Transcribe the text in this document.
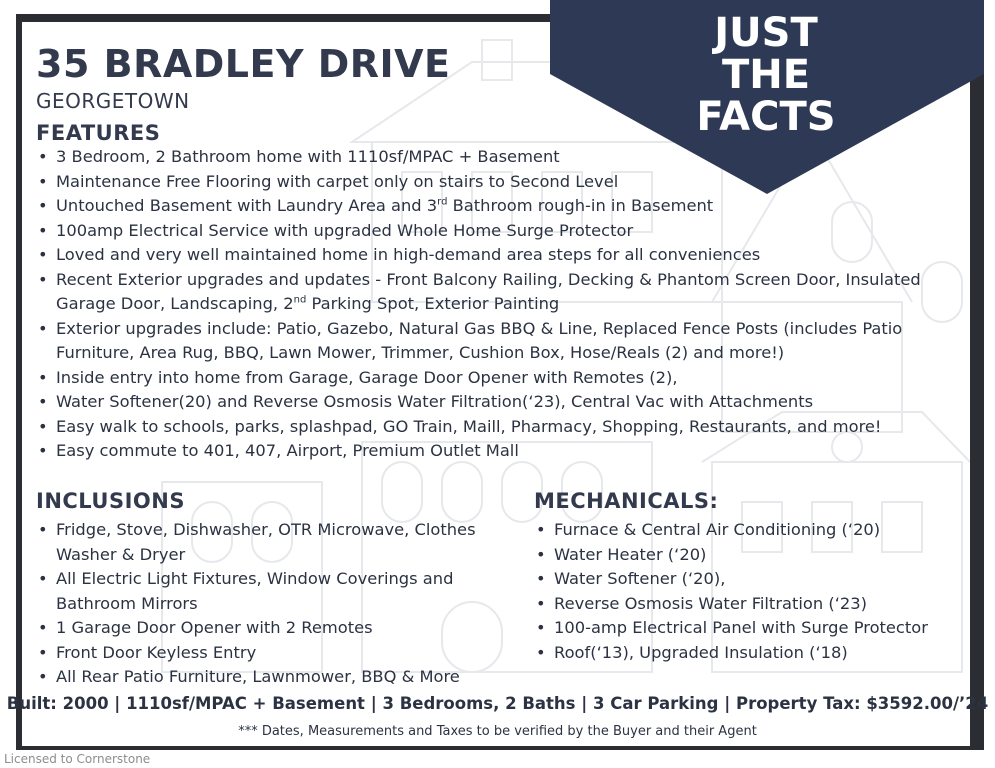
JUST
THE
FACTS
35 BRADLEY DRIVE
GEORGETOWN
FEATURES
• 3 Bedroom, 2 Bathroom home with 1110sf/MPAC + Basement
• Maintenance Free Flooring with carpet only on stairs to Second Level
• Untouched Basement with Laundry Area and 3rd Bathroom rough-in in Basement
• 100amp Electrical Service with upgraded Whole Home Surge Protector
• Loved and very well maintained home in high-demand area steps for all conveniences
• Recent Exterior upgrades and updates - Front Balcony Railing, Decking & Phantom Screen Door, Insulated Garage Door, Landscaping, 2nd Parking Spot, Exterior Painting
• Exterior upgrades include: Patio, Gazebo, Natural Gas BBQ & Line, Replaced Fence Posts (includes Patio Furniture, Area Rug, BBQ, Lawn Mower, Trimmer, Cushion Box, Hose/Reals (2) and more!)
• Inside entry into home from Garage, Garage Door Opener with Remotes (2),
• Water Softener(20) and Reverse Osmosis Water Filtration(‘23), Central Vac with Attachments
• Easy walk to schools, parks, splashpad, GO Train, Maill, Pharmacy, Shopping, Restaurants, and more!
• Easy commute to 401, 407, Airport, Premium Outlet Mall
INCLUSIONS
• Fridge, Stove, Dishwasher, OTR Microwave, Clothes Washer & Dryer
• All Electric Light Fixtures, Window Coverings and Bathroom Mirrors
• 1 Garage Door Opener with 2 Remotes
• Front Door Keyless Entry
• All Rear Patio Furniture, Lawnmower, BBQ & More
MECHANICALS:
• Furnace & Central Air Conditioning (‘20)
• Water Heater (‘20)
• Water Softener (‘20),
• Reverse Osmosis Water Filtration (‘23)
• 100-amp Electrical Panel with Surge Protector
• Roof(‘13), Upgraded Insulation (‘18)
Built: 2000 | 1110sf/MPAC + Basement | 3 Bedrooms, 2 Baths | 3 Car Parking | Property Tax: $3592.00/’24
*** Dates, Measurements and Taxes to be verified by the Buyer and their Agent
Licensed to Cornerstone
